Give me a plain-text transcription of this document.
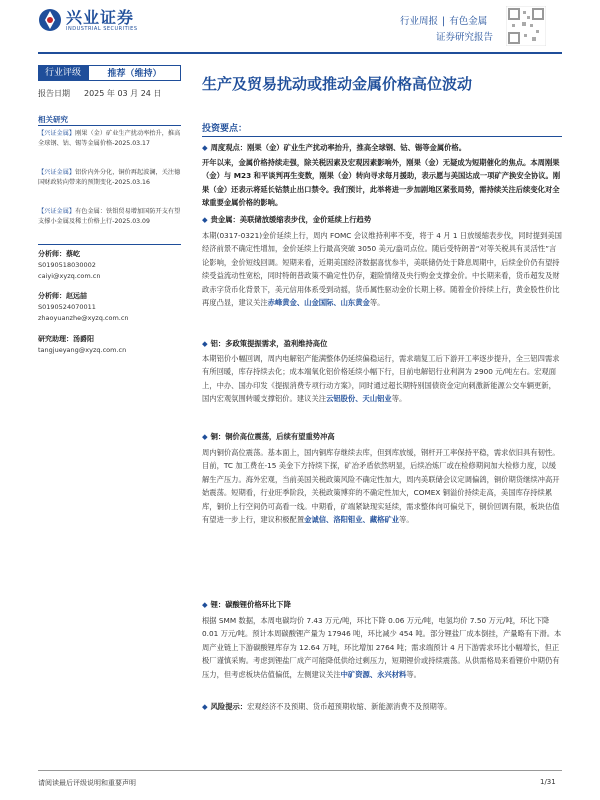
兴业证券
INDUSTRIAL SECURITIES
行业周报 | 有色金属
证券研究报告
行业评级	推荐（维持）
报告日期 2025 年 03 月 24 日
相关研究
【兴证金属】刚果（金）矿业生产扰动率抬升，推高全球钢、钴、锡等金属价格-2025.03.17
【兴证金属】铝价内外分化，铜价再起波澜，关注德国财政转向带来的预期变化-2025.03.16
【兴证金属】有色金属：铁钼贸易增加国防开支有望支撑小金属及稀土价格上行-2025.03.09
分析师：蔡屹
S0190518030002
caiyi@xyzq.com.cn
分析师：赵远喆
S0190524070011
zhaoyuanzhe@xyzq.com.cn
研究助理：汤爵阳
tangjueyang@xyzq.com.cn
生产及贸易扰动或推动金属价格高位波动
投资要点：
◆ 周度观点：刚果（金）矿业生产扰动率抬升，推高全球钢、钴、锡等金属价格。
开年以来，金属价格持续走强，除关税因素及宏观因素影响外，刚果（金）无疑成为短期催化的焦点。本周刚果（金）与 M23 和平谈判再生变数，刚果（金）转向寻求每月援助，表示愿与美国达成一项矿产换安全协议。刚果（金）还表示将延长钴禁止出口禁令。我们预计，此举将进一步加剧地区紧张局势，需持续关注后续变化对全球重要金属价格的影响。
◆ 贵金属：美联储放缓缩表步伐，金价延续上行趋势
本期(0317-0321)金价延续上行，周内 FOMC 会议维持利率不变，将于 4 月 1 日放缓缩表步伐，同时提到美国经济前景不确定性增加，金价延续上行最高突破 3050 美元/盎司点位。随后受特朗普“对等关税具有灵活性”言论影响，金价短线回调。短期来看，近期美国经济数据喜忧参半，美联储仍处于降息周期中，后续金价仍有望持续受益流动性宽松，同时特朗普政策不确定性仍存，避险情绪及央行购金支撑金价。中长期来看，货币超发及财政赤字货币化背景下，美元信用体系受到动摇，货币属性驱动金价长期上移。随着金价持续上行，黄金股性价比再度凸显，建议关注赤峰黄金、山金国际、山东黄金等。
◆ 铝：多政策提振需求，盈利维持高位
本期铝价小幅回调，周内电解铝产能满整体仍延续偏稳运行，需求端复工后下游开工率逐步提升，全三铝四需求有所回暖，库存持续去化；成本端氧化铝价格延续小幅下行，目前电解铝行业利润为 2900 元/吨左右。宏观面上，中办、国办印发《提振消费专项行动方案》，同时通过超长期特别国债资金定向刺激新能源公交车辆更新，国内宏观氛围转暖支撑铝价。建议关注云铝股份、天山铝业等。
◆ 铜：铜价高位震荡，后续有望重势冲高
周内铜价高位震荡。基本面上，国内铜库存继续去库，但到库放缓，钢杆开工率保持平稳，需求依旧具有韧性。目前，TC 加工费在-15 美金下方持续下探，矿冶矛盾依然明显，后续冶炼厂或在检修期间加大检修力度，以缓解生产压力。海外宏观，当前美国关税政策风险不确定性加大，周内美联储会议定调偏鸽，铜价期货继续冲高开始震荡。短期看，行业旺季阶段，关税政策博弈的不确定性加大，COMEX 铜溢价持续走高，美国库存持续累库，铜价上行空间仍可高看一线。中期看，矿端紧缺现实延续，需求整体向可偏兑下，铜价回调有限，板块估值有望进一步上行，建议积极配置金诚信、洛阳钼业、藏格矿业等。
◆ 锂：碳酸锂价格环比下降
根据 SMM 数据，本周电碳均价 7.43 万元/吨，环比下降 0.06 万元/吨，电氢均价 7.50 万元/吨，环比下降 0.01 万元/吨。预计本周碳酸锂产量为 17946 吨，环比减少 454 吨。部分锂盐厂成本倒挂，产量略有下滑。本周产业链上下游碳酸锂库存为 12.64 万吨，环比增加 2764 吨；需求端预计 4 月下游需求环比小幅增长，但正极厂谨慎采购。考虑到锂盐厂成产可能降低供给过剩压力，短期锂价或持续震荡。从供需格局来看锂价中期仍有压力，但考虑板块估值偏低，左侧建议关注中矿资源、永兴材料等。
◆ 风险提示：宏观经济不及预期、货币超预期收缩、新能源消费不及预期等。
请阅读最后评级说明和重要声明	1/31
